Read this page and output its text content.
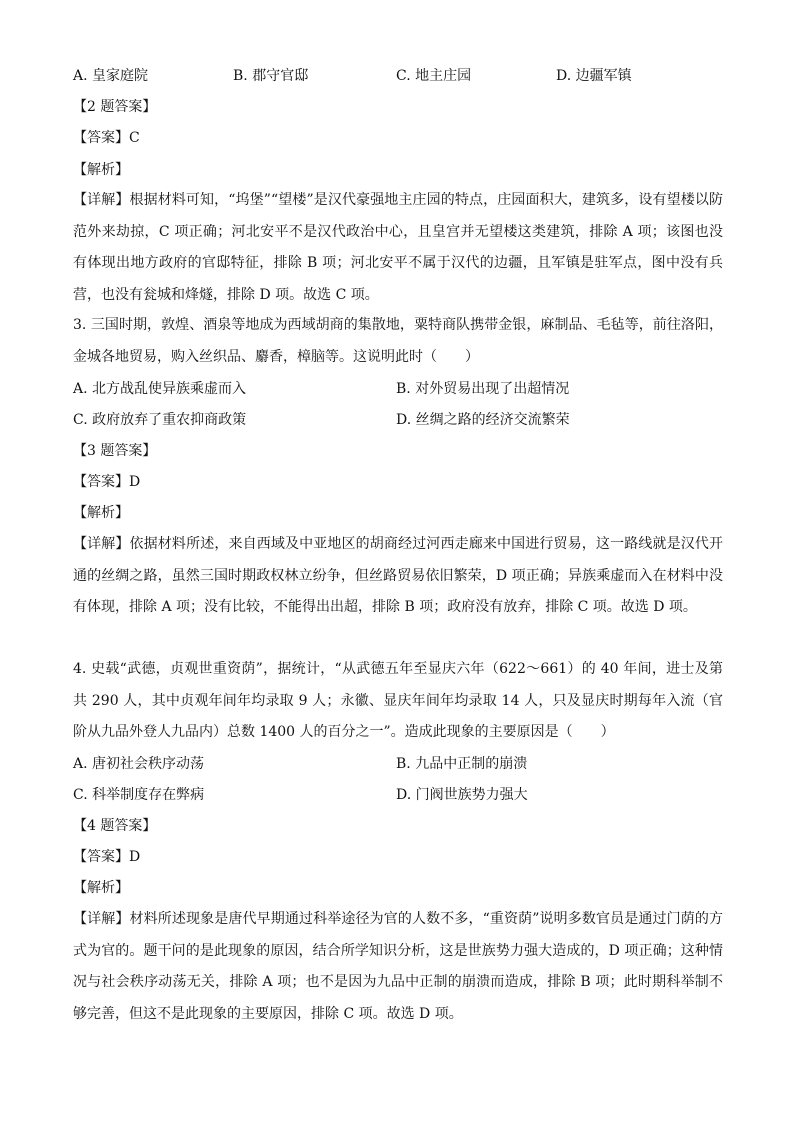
A. 皇家庭院	B. 郡守官邸	C. 地主庄园	D. 边疆军镇
【2 题答案】
【答案】C
【解析】
【详解】根据材料可知，“坞堡”“望楼”是汉代豪强地主庄园的特点，庄园面积大，建筑多，设有望楼以防范外来劫掠，C 项正确；河北安平不是汉代政治中心，且皇宫并无望楼这类建筑，排除 A 项；该图也没有体现出地方政府的官邸特征，排除 B 项；河北安平不属于汉代的边疆，且军镇是驻军点，图中没有兵营，也没有瓮城和烽燧，排除 D 项。故选 C 项。
3. 三国时期，敦煌、酒泉等地成为西域胡商的集散地，粟特商队携带金银，麻制品、毛毡等，前往洛阳，金城各地贸易，购入丝织品、麝香，樟脑等。这说明此时（　　）
A. 北方战乱使异族乘虚而入	B. 对外贸易出现了出超情况
C. 政府放弃了重农抑商政策	D. 丝绸之路的经济交流繁荣
【3 题答案】
【答案】D
【解析】
【详解】依据材料所述，来自西域及中亚地区的胡商经过河西走廊来中国进行贸易，这一路线就是汉代开通的丝绸之路，虽然三国时期政权林立纷争，但丝路贸易依旧繁荣，D 项正确；异族乘虚而入在材料中没有体现，排除 A 项；没有比较，不能得出出超，排除 B 项；政府没有放弃，排除 C 项。故选 D 项。
4. 史载“武德，贞观世重资荫”，据统计，“从武德五年至显庆六年（622～661）的 40 年间，进士及第共 290 人，其中贞观年间年均录取 9 人；永徽、显庆年间年均录取 14 人，只及显庆时期每年入流（官阶从九品外登人九品内）总数 1400 人的百分之一”。造成此现象的主要原因是（　　）
A. 唐初社会秩序动荡	B. 九品中正制的崩溃
C. 科举制度存在弊病	D. 门阀世族势力强大
【4 题答案】
【答案】D
【解析】
【详解】材料所述现象是唐代早期通过科举途径为官的人数不多，“重资荫”说明多数官员是通过门荫的方式为官的。题干问的是此现象的原因，结合所学知识分析，这是世族势力强大造成的，D 项正确；这种情况与社会秩序动荡无关，排除 A 项；也不是因为九品中正制的崩溃而造成，排除 B 项；此时期科举制不够完善，但这不是此现象的主要原因，排除 C 项。故选 D 项。
